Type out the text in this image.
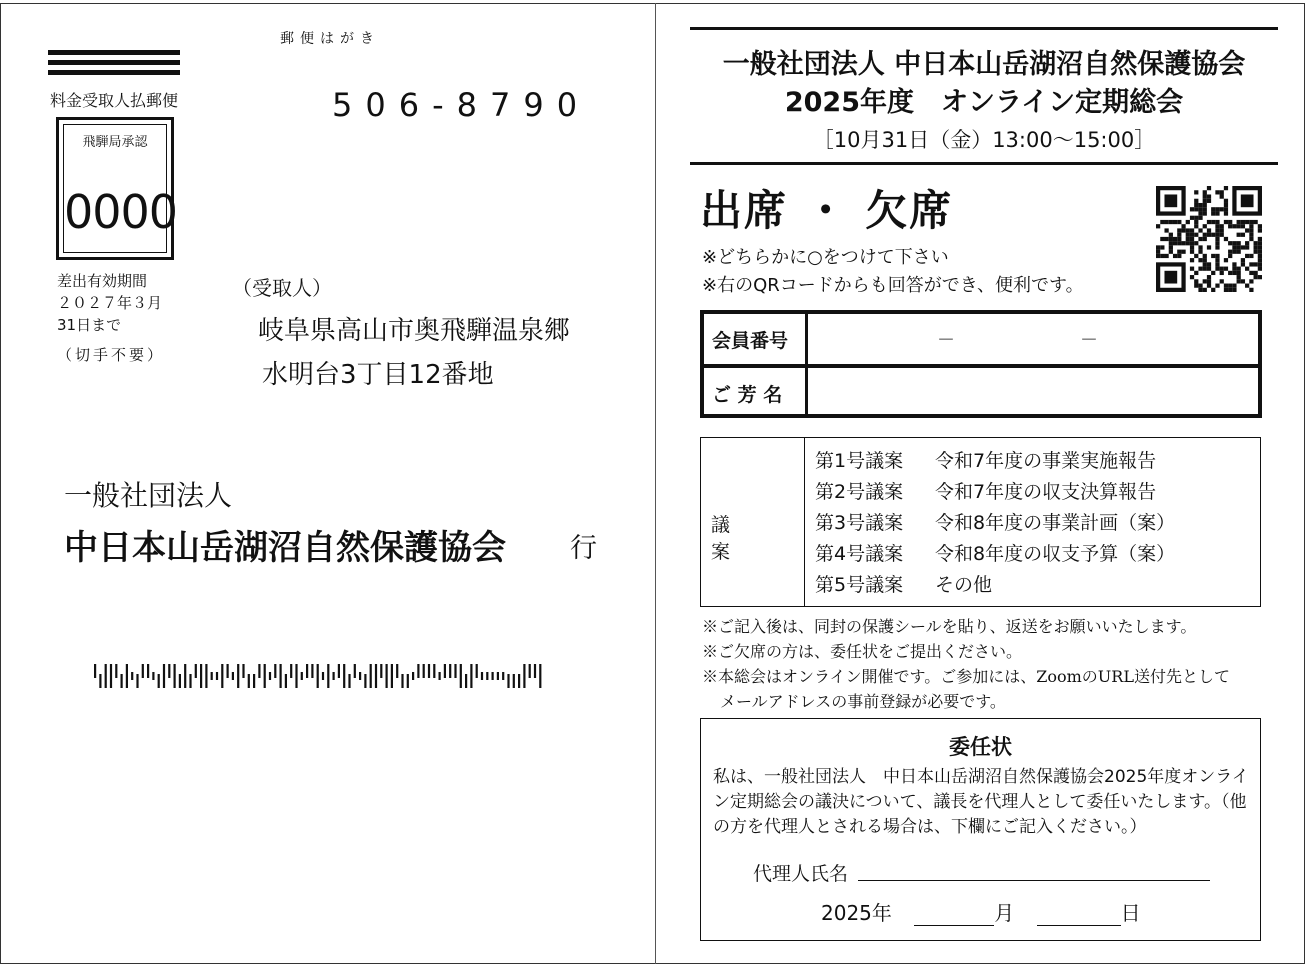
料金受取人払郵便
飛騨局承認
0000
差出有効期間
２０２７年３月
31日まで
（切手不要）
郵便はがき
506-8790
（受取人）
岐阜県高山市奥飛騨温泉郷
水明台3丁目12番地
一般社団法人
中日本山岳湖沼自然保護協会 行
一般社団法人 中日本山岳湖沼自然保護協会
2025年度　オンライン定期総会
［10月31日（金）13:00～15:00］
出席 ・ 欠席
※どちらかに○をつけて下さい
※右のQRコードからも回答ができ、便利です。
会員番号	－	－
ご 芳 名
議案
第1号議案 令和7年度の事業実施報告
第2号議案 令和7年度の収支決算報告
第3号議案 令和8年度の事業計画（案）
第4号議案 令和8年度の収支予算（案）
第5号議案 その他
※ご記入後は、同封の保護シールを貼り、返送をお願いいたします。
※ご欠席の方は、委任状をご提出ください。
※本総会はオンライン開催です。ご参加には、ZoomのURL送付先として
メールアドレスの事前登録が必要です。
委任状
私は、一般社団法人　中日本山岳湖沼自然保護協会2025年度オンライン定期総会の議決について、議長を代理人として委任いたします。（他の方を代理人とされる場合は、下欄にご記入ください。）
代理人氏名
2025年	月	日
